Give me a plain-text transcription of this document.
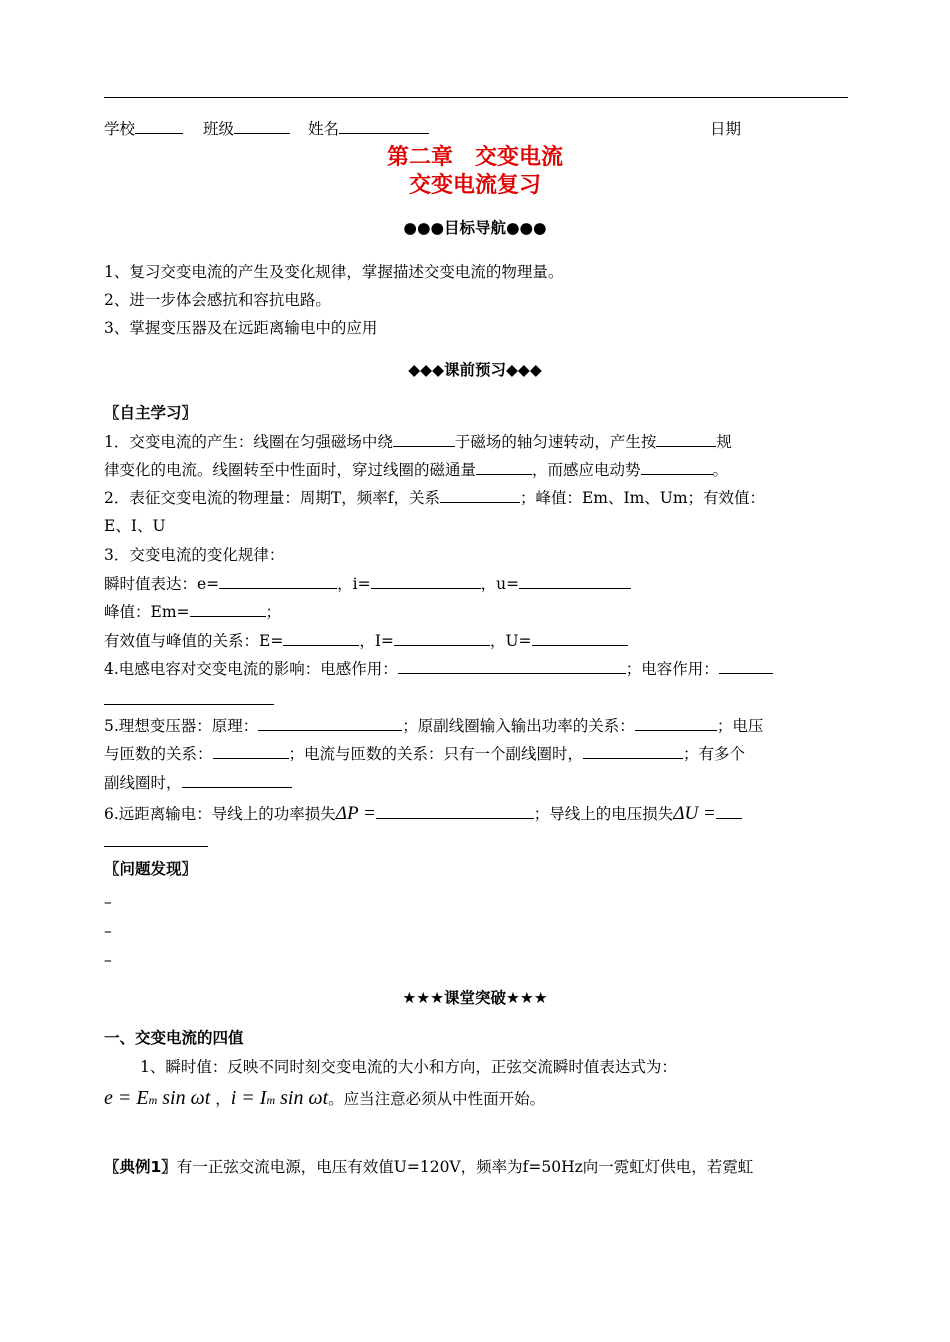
学校	班级	姓名	日期
第二章　交变电流
交变电流复习
●●●目标导航●●●
1、复习交变电流的产生及变化规律，掌握描述交变电流的物理量。
2、进一步体会感抗和容抗电路。
3、掌握变压器及在远距离输电中的应用
◆◆◆课前预习◆◆◆
〖自主学习〗
1．交变电流的产生：线圈在匀强磁场中绕	于磁场的轴匀速转动，产生按	规
律变化的电流。线圈转至中性面时，穿过线圈的磁通量	，而感应电动势	。
2．表征交变电流的物理量：周期T，频率f，关系	；峰值：Em、Im、Um；有效值：
E、I、U
3．交变电流的变化规律：
瞬时值表达：e=	，i=	，u=
峰值：Em=	；
有效值与峰值的关系：E=	，I=	，U=
4.电感电容对交变电流的影响：电感作用：	；电容作用：
5.理想变压器：原理：	；原副线圈输入输出功率的关系：	；电压
与匝数的关系：	；电流与匝数的关系：只有一个副线圈时，	；有多个
副线圈时，
6.远距离输电：导线上的功率损失ΔP =	；导线上的电压损失ΔU =
〖问题发现〗
–
–
–
★★★课堂突破★★★
一、交变电流的四值
1、瞬时值：反映不同时刻交变电流的大小和方向，正弦交流瞬时值表达式为：
e = Em sin ωt ，i = Im sin ωt。应当注意必须从中性面开始。
〖典例1〗有一正弦交流电源，电压有效值U=120V，频率为f=50Hz向一霓虹灯供电，若霓虹
